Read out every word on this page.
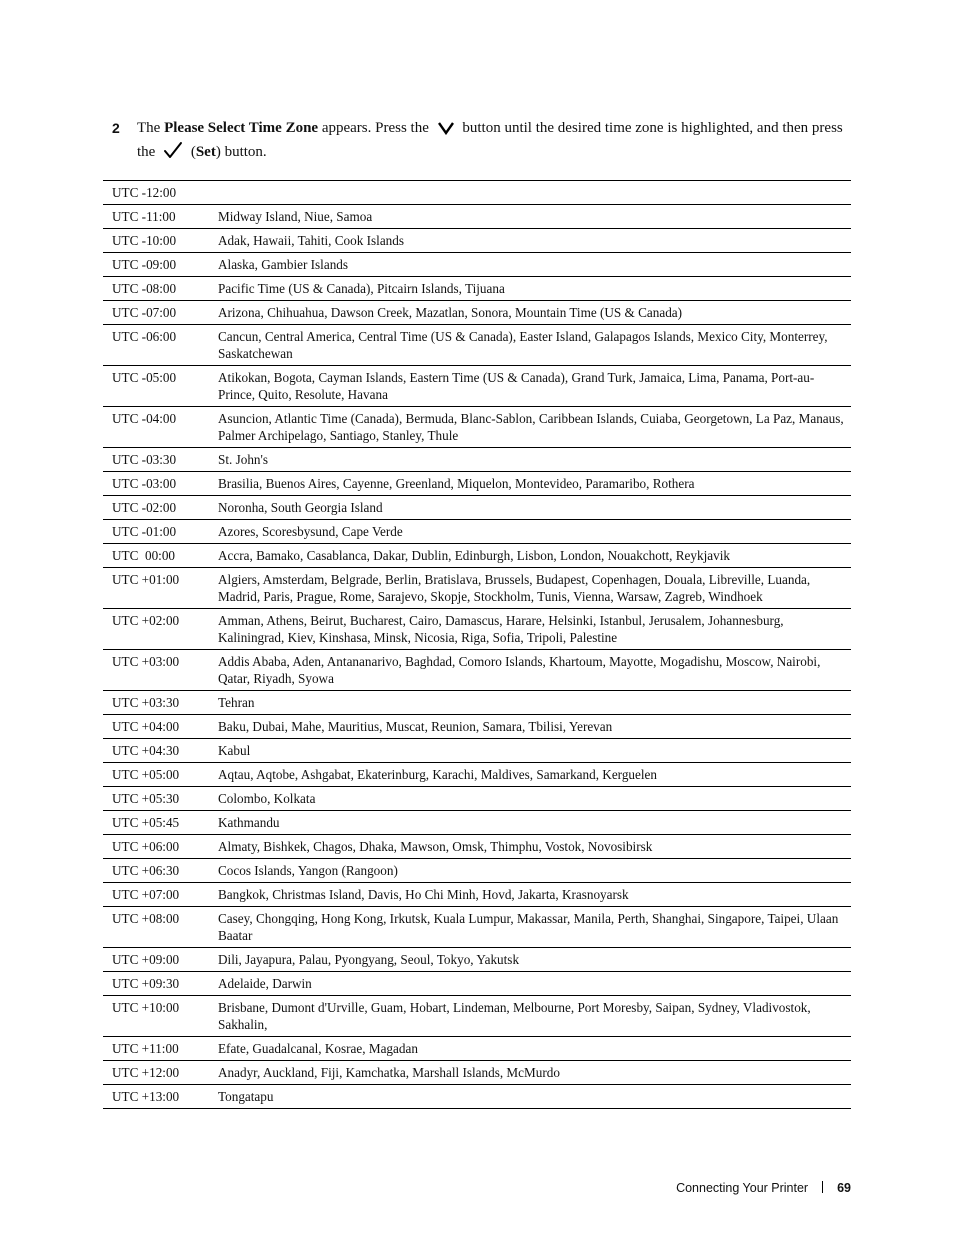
2 The Please Select Time Zone appears. Press the  button until the desired time zone is highlighted, and then press the  (Set) button.
UTC -12:00	
UTC -11:00	Midway Island, Niue, Samoa
UTC -10:00	Adak, Hawaii, Tahiti, Cook Islands
UTC -09:00	Alaska, Gambier Islands
UTC -08:00	Pacific Time (US & Canada), Pitcairn Islands, Tijuana
UTC -07:00	Arizona, Chihuahua, Dawson Creek, Mazatlan, Sonora, Mountain Time (US & Canada)
UTC -06:00	Cancun, Central America, Central Time (US & Canada), Easter Island, Galapagos Islands, Mexico City, Monterrey, Saskatchewan
UTC -05:00	Atikokan, Bogota, Cayman Islands, Eastern Time (US & Canada), Grand Turk, Jamaica, Lima, Panama, Port-au-Prince, Quito, Resolute, Havana
UTC -04:00	Asuncion, Atlantic Time (Canada), Bermuda, Blanc-Sablon, Caribbean Islands, Cuiaba, Georgetown, La Paz, Manaus, Palmer Archipelago, Santiago, Stanley, Thule
UTC -03:30	St. John's
UTC -03:00	Brasilia, Buenos Aires, Cayenne, Greenland, Miquelon, Montevideo, Paramaribo, Rothera
UTC -02:00	Noronha, South Georgia Island
UTC -01:00	Azores, Scoresbysund, Cape Verde
UTC  00:00	Accra, Bamako, Casablanca, Dakar, Dublin, Edinburgh, Lisbon, London, Nouakchott, Reykjavik
UTC +01:00	Algiers, Amsterdam, Belgrade, Berlin, Bratislava, Brussels, Budapest, Copenhagen, Douala, Libreville, Luanda, Madrid, Paris, Prague, Rome, Sarajevo, Skopje, Stockholm, Tunis, Vienna, Warsaw, Zagreb, Windhoek
UTC +02:00	Amman, Athens, Beirut, Bucharest, Cairo, Damascus, Harare, Helsinki, Istanbul, Jerusalem, Johannesburg, Kaliningrad, Kiev, Kinshasa, Minsk, Nicosia, Riga, Sofia, Tripoli, Palestine
UTC +03:00	Addis Ababa, Aden, Antananarivo, Baghdad, Comoro Islands, Khartoum, Mayotte, Mogadishu, Moscow, Nairobi, Qatar, Riyadh, Syowa
UTC +03:30	Tehran
UTC +04:00	Baku, Dubai, Mahe, Mauritius, Muscat, Reunion, Samara, Tbilisi, Yerevan
UTC +04:30	Kabul
UTC +05:00	Aqtau, Aqtobe, Ashgabat, Ekaterinburg, Karachi, Maldives, Samarkand, Kerguelen
UTC +05:30	Colombo, Kolkata
UTC +05:45	Kathmandu
UTC +06:00	Almaty, Bishkek, Chagos, Dhaka, Mawson, Omsk, Thimphu, Vostok, Novosibirsk
UTC +06:30	Cocos Islands, Yangon (Rangoon)
UTC +07:00	Bangkok, Christmas Island, Davis, Ho Chi Minh, Hovd, Jakarta, Krasnoyarsk
UTC +08:00	Casey, Chongqing, Hong Kong, Irkutsk, Kuala Lumpur, Makassar, Manila, Perth, Shanghai, Singapore, Taipei, Ulaan Baatar
UTC +09:00	Dili, Jayapura, Palau, Pyongyang, Seoul, Tokyo, Yakutsk
UTC +09:30	Adelaide, Darwin
UTC +10:00	Brisbane, Dumont d'Urville, Guam, Hobart, Lindeman, Melbourne, Port Moresby, Saipan, Sydney, Vladivostok, Sakhalin,
UTC +11:00	Efate, Guadalcanal, Kosrae, Magadan
UTC +12:00	Anadyr, Auckland, Fiji, Kamchatka, Marshall Islands, McMurdo
UTC +13:00	Tongatapu
Connecting Your Printer 69
